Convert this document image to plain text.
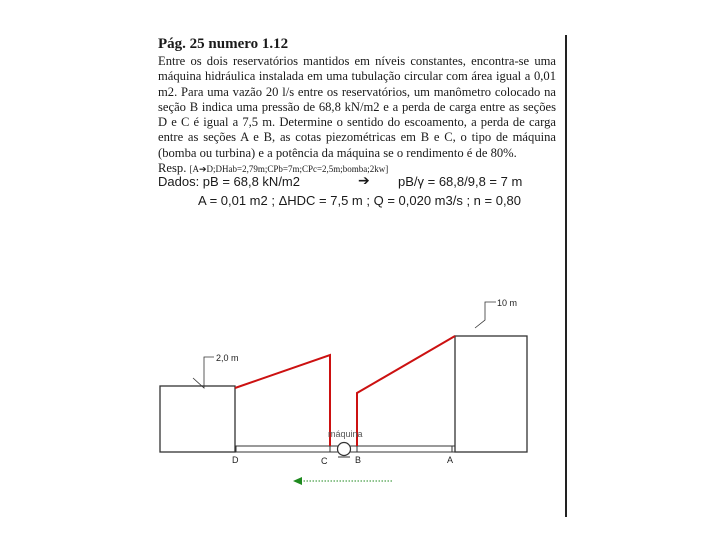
Pág. 25 numero 1.12
Entre os dois reservatórios mantidos em níveis constantes, encontra-se uma máquina hidráulica instalada em uma tubulação circular com área igual a 0,01 m2. Para uma vazão 20 l/s entre os reservatórios, um manômetro colocado na seção B indica uma pressão de 68,8 kN/m2 e a perda de carga entre as seções D e C é igual a 7,5 m. Determine o sentido do escoamento, a perda de carga entre as seções A e B, as cotas piezométricas em B e C, o tipo de máquina (bomba ou turbina) e a potência da máquina se o rendimento é de 80%.
Resp. [A➔D;DHab=2,79m;CPb=7m;CPc=2,5m;bomba;2kw]
Dados: pB = 68,8 kN/m2	➔ pB/γ = 68,8/9,8 = 7 m
A = 0,01 m2 ; ΔHDC = 7,5 m ; Q = 0,020 m3/s ; n = 0,80
10 m
2,0 m
máquina
D	C	B	A
